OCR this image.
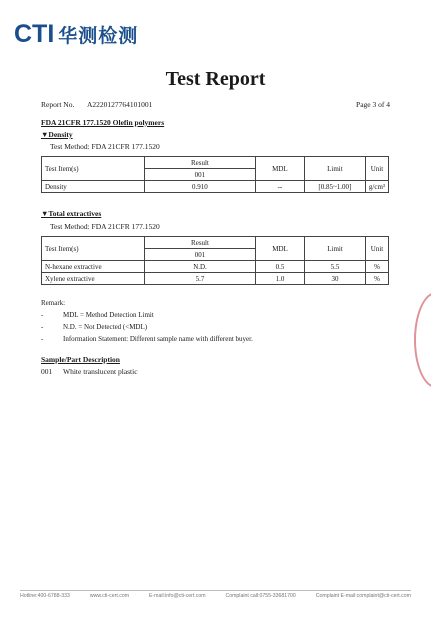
CTI 华测检测
Test Report
Report No.	A2220127764101001	Page 3 of 4
FDA 21CFR 177.1520 Olefin polymers
▼Density
Test Method: FDA 21CFR 177.1520
Test Item(s)	Result	MDL	Limit	Unit
	001			
Density	0.910	--	[0.85~1.00]	g/cm³
▼Total extractives
Test Method: FDA 21CFR 177.1520
Test Item(s)	Result	MDL	Limit	Unit
	001			
N-hexane extractive	N.D.	0.5	5.5	%
Xylene extractive	5.7	1.0	30	%
Remark:
-	MDL = Method Detection Limit
-	N.D. = Not Detected (<MDL)
-	Information Statement: Different sample name with different buyer.
Sample/Part Description
001	White translucent plastic
Hotline:400-6788-333	www.cti-cert.com	E-mail:info@cti-cert.com	Complaint call:0755-33681700	Complaint E-mail:complaint@cti-cert.com
